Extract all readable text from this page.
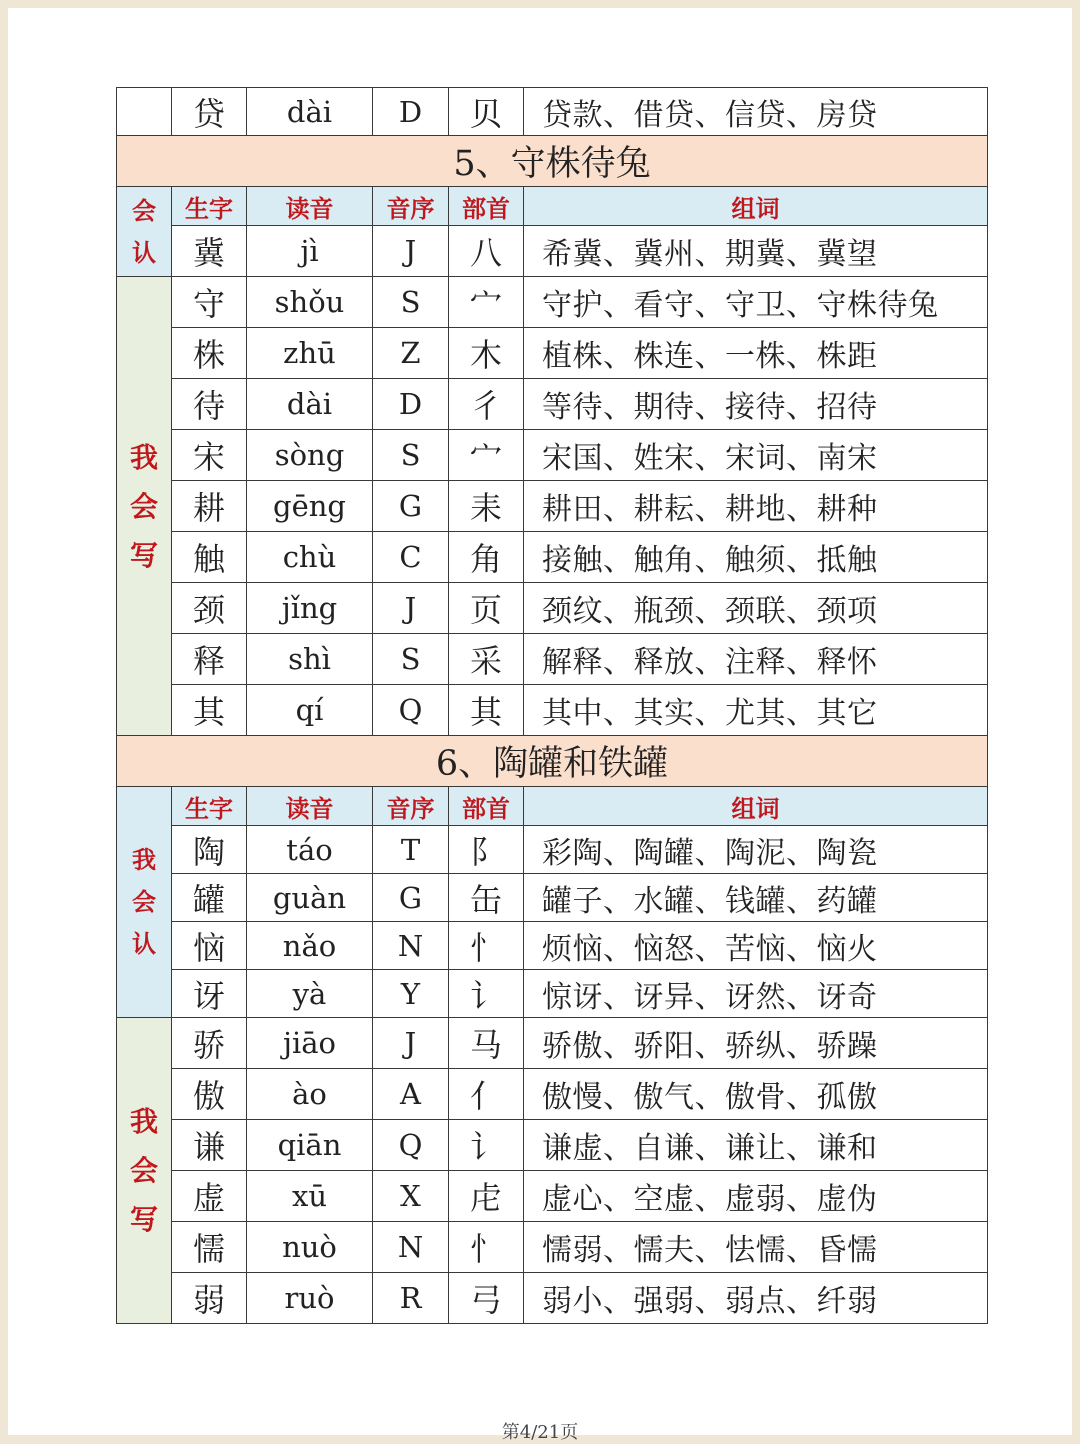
	贷	dài	D	贝	贷款、借贷、信贷、房贷
5、守株待兔					

会
认	生字	读音	音序	部首	组词
	冀	jì	J	八	希冀、冀州、期冀、冀望

我
会
写	守	shǒu	S	宀	守护、看守、守卫、守株待兔
	株	zhū	Z	木	植株、株连、一株、株距
	待	dài	D	彳	等待、期待、接待、招待
	宋	sòng	S	宀	宋国、姓宋、宋词、南宋
	耕	gēng	G	耒	耕田、耕耘、耕地、耕种
	触	chù	C	角	接触、触角、触须、抵触
	颈	jǐng	J	页	颈纹、瓶颈、颈联、颈项
	释	shì	S	采	解释、释放、注释、释怀
	其	qí	Q	其	其中、其实、尤其、其它
6、陶罐和铁罐					

我
会
认	生字	读音	音序	部首	组词
	陶	táo	T	阝	彩陶、陶罐、陶泥、陶瓷
	罐	guàn	G	缶	罐子、水罐、钱罐、药罐
	恼	nǎo	N	忄	烦恼、恼怒、苦恼、恼火
	讶	yà	Y	讠	惊讶、讶异、讶然、讶奇

我
会
写	骄	jiāo	J	马	骄傲、骄阳、骄纵、骄躁
	傲	ào	A	亻	傲慢、傲气、傲骨、孤傲
	谦	qiān	Q	讠	谦虚、自谦、谦让、谦和
	虚	xū	X	虍	虚心、空虚、虚弱、虚伪
	懦	nuò	N	忄	懦弱、懦夫、怯懦、昏懦
	弱	ruò	R	弓	弱小、强弱、弱点、纤弱
第4/21页
